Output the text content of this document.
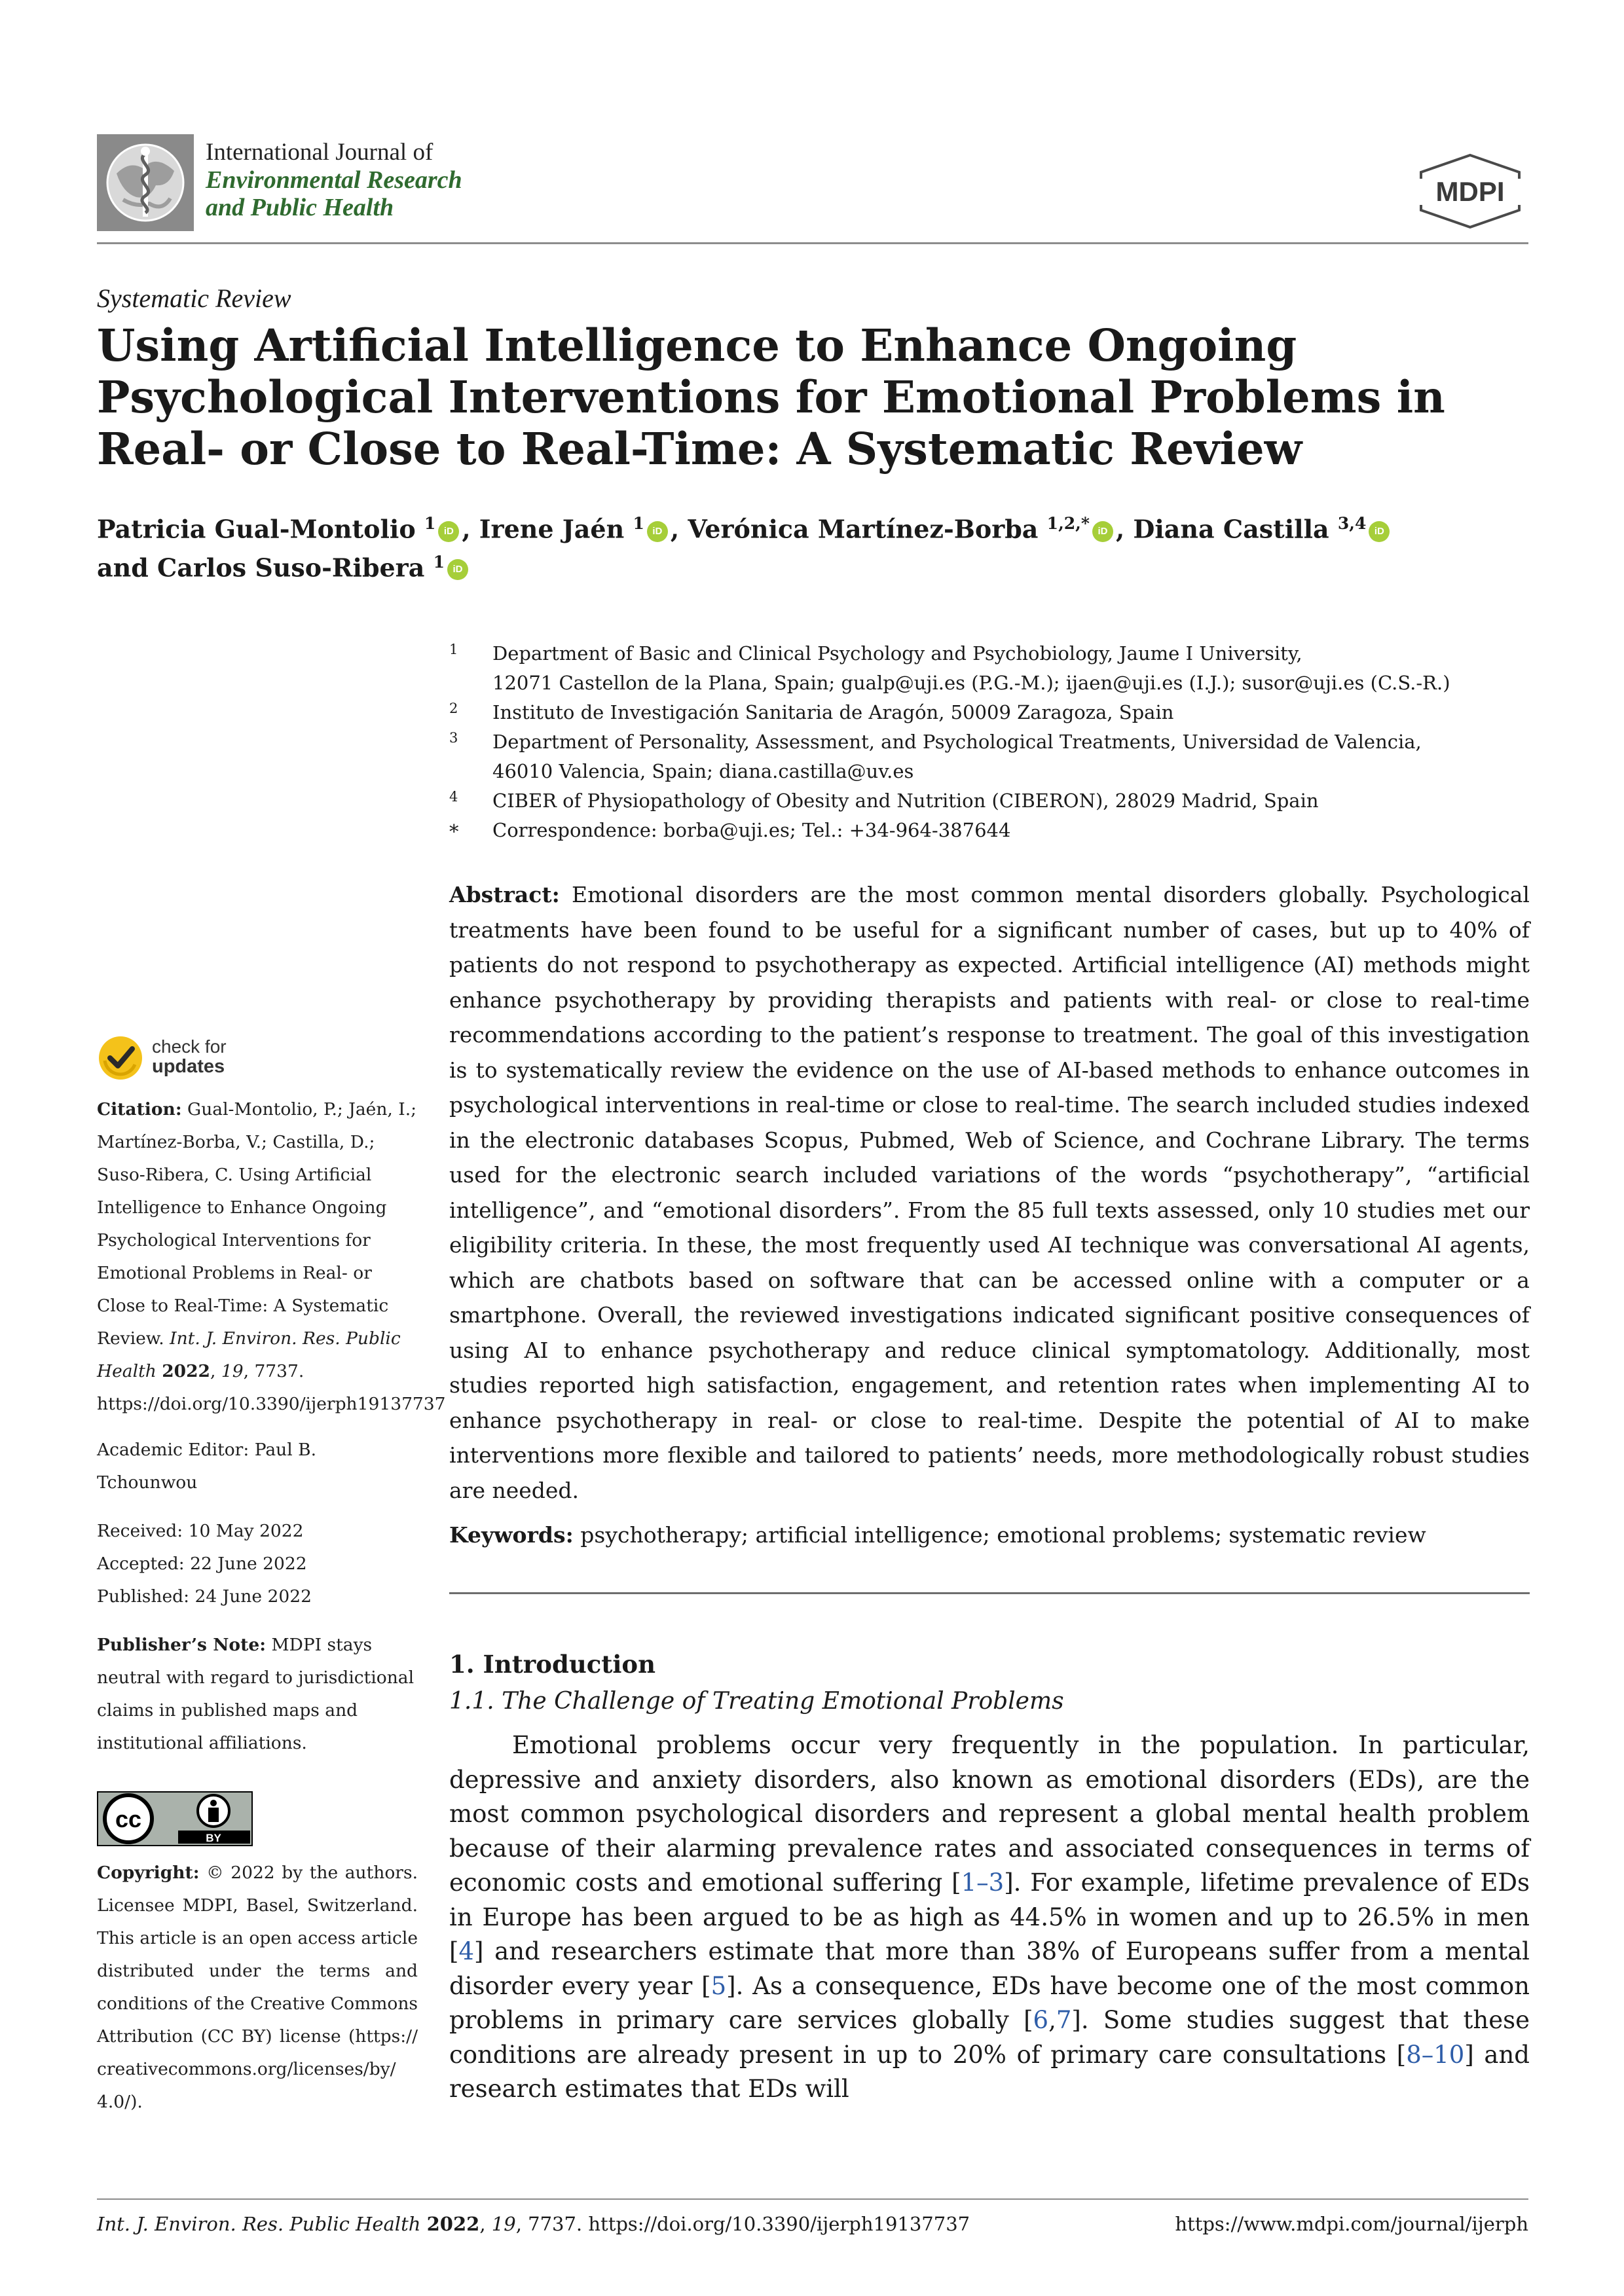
International Journal of
Environmental Research
and Public Health
MDPI
Systematic Review
Using Artificial Intelligence to Enhance Ongoing Psychological Interventions for Emotional Problems in Real- or Close to Real-Time: A Systematic Review
Patricia Gual-Montolio $^1$ iD , Irene Jaén $^1$ iD , Verónica Martínez-Borba $^{1,2,*}$ iD , Diana Castilla $^{3,4}$ iD
and Carlos Suso-Ribera $^1$ iD
1 Department of Basic and Clinical Psychology and Psychobiology, Jaume I University,
12071 Castellon de la Plana, Spain; gualp@uji.es (P.G.-M.); ijaen@uji.es (I.J.); susor@uji.es (C.S.-R.)
2 Instituto de Investigación Sanitaria de Aragón, 50009 Zaragoza, Spain
3 Department of Personality, Assessment, and Psychological Treatments, Universidad de Valencia,
46010 Valencia, Spain; diana.castilla@uv.es
4 CIBER of Physiopathology of Obesity and Nutrition (CIBERON), 28029 Madrid, Spain
* Correspondence: borba@uji.es; Tel.: +34-964-387644

Abstract: Emotional disorders are the most common mental disorders globally. Psychological treatments have been found to be useful for a significant number of cases, but up to 40% of patients do not respond to psychotherapy as expected. Artificial intelligence (AI) methods might enhance psychotherapy by providing therapists and patients with real- or close to real-time recommendations according to the patient’s response to treatment. The goal of this investigation is to systematically review the evidence on the use of AI-based methods to enhance outcomes in psychological interventions in real-time or close to real-time. The search included studies indexed in the electronic databases Scopus, Pubmed, Web of Science, and Cochrane Library. The terms used for the electronic search included variations of the words “psychotherapy”, “artificial intelligence”, and “emotional disorders”. From the 85 full texts assessed, only 10 studies met our eligibility criteria. In these, the most frequently used AI technique was conversational AI agents, which are chatbots based on software that can be accessed online with a computer or a smartphone. Overall, the reviewed investigations indicated significant positive consequences of using AI to enhance psychotherapy and reduce clinical symptomatology. Additionally, most studies reported high satisfaction, engagement, and retention rates when implementing AI to enhance psychotherapy in real- or close to real-time. Despite the potential of AI to make interventions more flexible and tailored to patients’ needs, more methodologically robust studies are needed.

Keywords: psychotherapy; artificial intelligence; emotional problems; systematic review

1. Introduction
1.1. The Challenge of Treating Emotional Problems

Emotional problems occur very frequently in the population. In particular, depressive and anxiety disorders, also known as emotional disorders (EDs), are the most common psychological disorders and represent a global mental health problem because of their alarming prevalence rates and associated consequences in terms of economic costs and emotional suffering [1–3]. For example, lifetime prevalence of EDs in Europe has been argued to be as high as 44.5% in women and up to 26.5% in men [4] and researchers estimate that more than 38% of Europeans suffer from a mental disorder every year [5]. As a consequence, EDs have become one of the most common problems in primary care services globally [6,7]. Some studies suggest that these conditions are already present in up to 20% of primary care consultations [8–10] and research estimates that EDs will

check for
updates

Citation: Gual-Montolio, P.; Jaén, I.; Martínez-Borba, V.; Castilla, D.; Suso-Ribera, C. Using Artificial Intelligence to Enhance Ongoing Psychological Interventions for Emotional Problems in Real- or Close to Real-Time: A Systematic Review. Int. J. Environ. Res. Public Health 2022, 19, 7737. https://doi.org/10.3390/ijerph19137737

Academic Editor: Paul B. Tchounwou

Received: 10 May 2022
Accepted: 22 June 2022
Published: 24 June 2022

Publisher’s Note: MDPI stays neutral with regard to jurisdictional claims in published maps and institutional affiliations.

cc
BY

Copyright: © 2022 by the authors. Licensee MDPI, Basel, Switzerland. This article is an open access article distributed under the terms and conditions of the Creative Commons Attribution (CC BY) license (https:// creativecommons.org/licenses/by/ 4.0/).

Int. J. Environ. Res. Public Health 2022, 19, 7737. https://doi.org/10.3390/ijerph19137737	https://www.mdpi.com/journal/ijerph
